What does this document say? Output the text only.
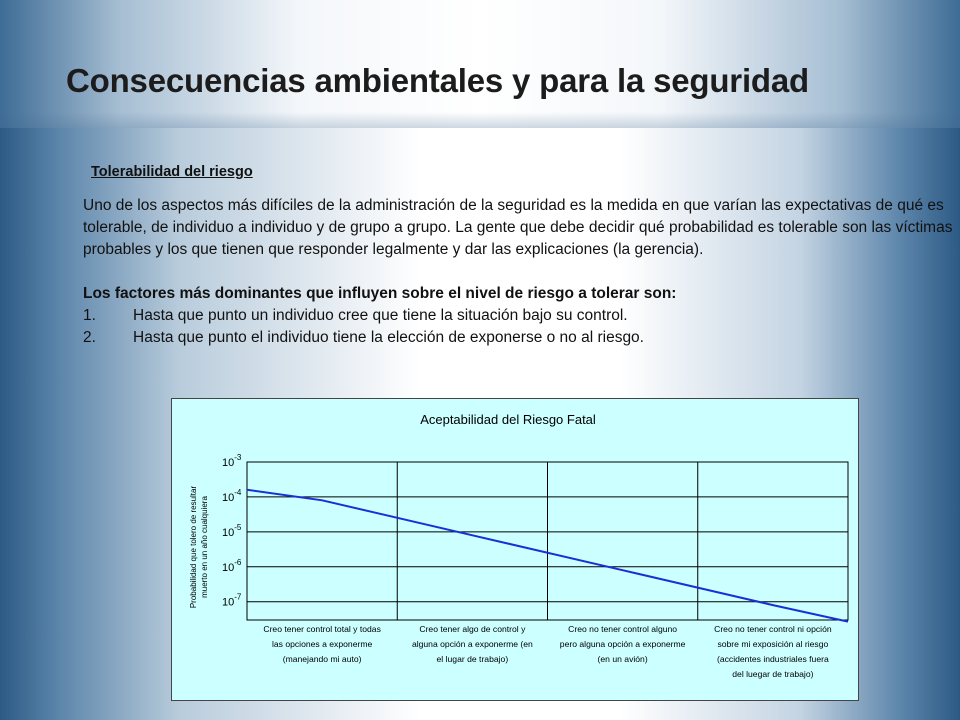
Consecuencias ambientales y para la seguridad
Tolerabilidad del riesgo

Uno de los aspectos más difíciles de la administración de la seguridad es la medida en que varían las expectativas de qué es tolerable, de individuo a individuo y de grupo a grupo. La gente que debe decidir qué probabilidad es tolerable son las víctimas probables y los que tienen que responder legalmente y dar las explicaciones (la gerencia).

Los factores más dominantes que influyen sobre el nivel de riesgo a tolerar son:

1.	Hasta que punto un individuo cree que tiene la situación bajo su control.
2.	Hasta que punto el individuo tiene la elección de exponerse o no al riesgo.
Aceptabilidad del Riesgo Fatal
$10^{-3}$
$10^{-4}$
$10^{-5}$
$10^{-6}$
$10^{-7}$
Probabilidad que tolero de resultar muerto en un año cualquiera
Creo tener control total y todas
las opciones a exponerme
(manejando mi auto)
Creo tener algo de control y
alguna opción a exponerme (en
el lugar de trabajo)
Creo no tener control alguno
pero alguna opción a exponerme
(en un avión)
Creo no tener control ni opción
sobre mi exposición al riesgo
(accidentes industriales fuera
del luegar de trabajo)
